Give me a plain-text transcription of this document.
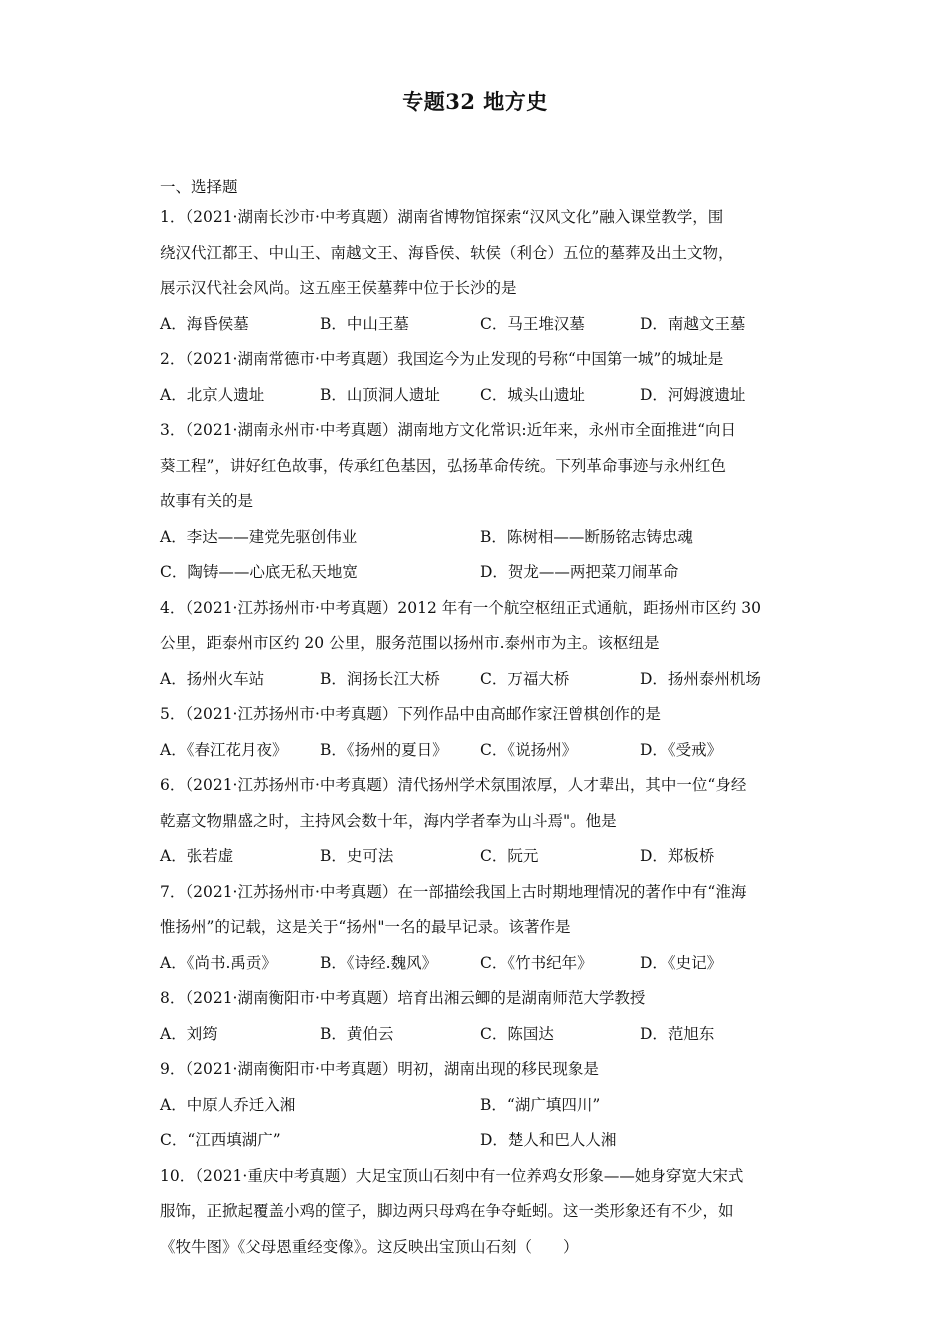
专题32 地方史
一、选择题
1．（2021·湖南长沙市·中考真题）湖南省博物馆探索“汉风文化”融入课堂教学，围
绕汉代江都王、中山王、南越文王、海昏侯、轪侯（利仓）五位的墓葬及出土文物，
展示汉代社会风尚。这五座王侯墓葬中位于长沙的是
A．海昏侯墓	B．中山王墓	C．马王堆汉墓	D．南越文王墓
2．（2021·湖南常德市·中考真题）我国迄今为止发现的号称“中国第一城”的城址是
A．北京人遗址	B．山顶洞人遗址	C．城头山遗址	D．河姆渡遗址
3．（2021·湖南永州市·中考真题）湖南地方文化常识:近年来，永州市全面推进“向日
葵工程”，讲好红色故事，传承红色基因，弘扬革命传统。下列革命事迹与永州红色
故事有关的是
A．李达——建党先驱创伟业	B．陈树相——断肠铭志铸忠魂
C．陶铸——心底无私天地宽	D．贺龙——两把菜刀闹革命
4．（2021·江苏扬州市·中考真题）2012 年有一个航空枢纽正式通航，距扬州市区约 30
公里，距泰州市区约 20 公里，服务范围以扬州市.泰州市为主。该枢纽是
A．扬州火车站	B．润扬长江大桥	C．万福大桥	D．扬州泰州机场
5．（2021·江苏扬州市·中考真题）下列作品中由高邮作家汪曾棋创作的是
A．《春江花月夜》	B．《扬州的夏日》	C．《说扬州》	D．《受戒》
6．（2021·江苏扬州市·中考真题）清代扬州学术氛围浓厚，人才辈出，其中一位“身经
乾嘉文物鼎盛之时，主持风会数十年，海内学者奉为山斗焉"。他是
A．张若虚	B．史可法	C．阮元	D．郑板桥
7．（2021·江苏扬州市·中考真题）在一部描绘我国上古时期地理情况的著作中有“淮海
惟扬州”的记载，这是关于“扬州"一名的最早记录。该著作是
A．《尚书.禹贡》	B．《诗经.魏风》	C．《竹书纪年》	D．《史记》
8．（2021·湖南衡阳市·中考真题）培育出湘云鲫的是湖南师范大学教授
A．刘筠	B．黄伯云	C．陈国达	D．范旭东
9．（2021·湖南衡阳市·中考真题）明初，湖南出现的移民现象是
A．中原人乔迁入湘	B．“湖广填四川”
C．“江西填湖广”	D．楚人和巴人人湘
10．（2021·重庆中考真题）大足宝顶山石刻中有一位养鸡女形象——她身穿宽大宋式
服饰，正掀起覆盖小鸡的筐子，脚边两只母鸡在争夺蚯蚓。这一类形象还有不少，如
《牧牛图》《父母恩重经变像》。这反映出宝顶山石刻（　　）
